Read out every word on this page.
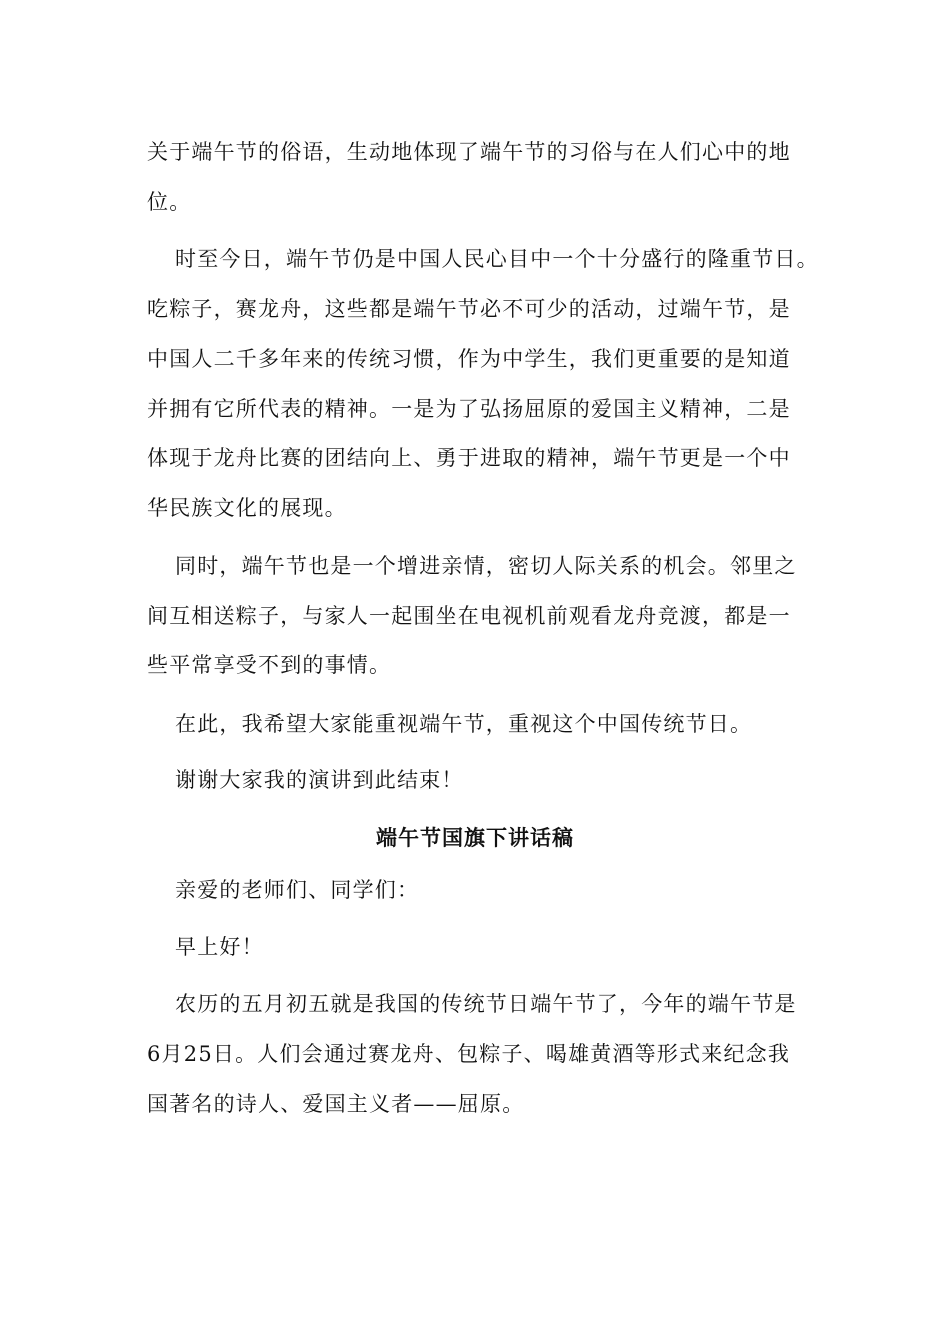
关于端午节的俗语，生动地体现了端午节的习俗与在人们心中的地
位。
时至今日，端午节仍是中国人民心目中一个十分盛行的隆重节日。
吃粽子，赛龙舟，这些都是端午节必不可少的活动，过端午节，是
中国人二千多年来的传统习惯，作为中学生，我们更重要的是知道
并拥有它所代表的精神。一是为了弘扬屈原的爱国主义精神，二是
体现于龙舟比赛的团结向上、勇于进取的精神，端午节更是一个中
华民族文化的展现。
同时，端午节也是一个增进亲情，密切人际关系的机会。邻里之
间互相送粽子，与家人一起围坐在电视机前观看龙舟竞渡，都是一
些平常享受不到的事情。
在此，我希望大家能重视端午节，重视这个中国传统节日。
谢谢大家我的演讲到此结束！
端午节国旗下讲话稿
亲爱的老师们、同学们：
早上好！
农历的五月初五就是我国的传统节日端午节了，今年的端午节是
6月25日。人们会通过赛龙舟、包粽子、喝雄黄酒等形式来纪念我
国著名的诗人、爱国主义者——屈原。
